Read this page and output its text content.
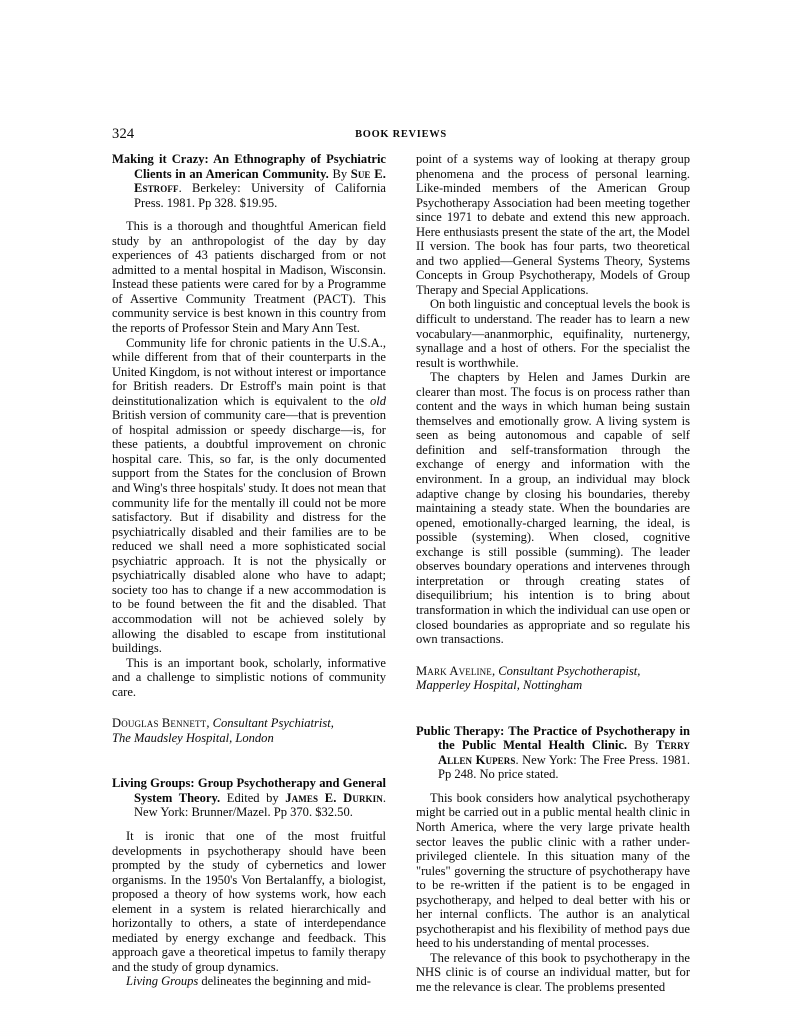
324	BOOK REVIEWS
Making it Crazy: An Ethnography of Psychiatric Clients in an American Community. By Sue E. Estroff. Berkeley: University of California Press. 1981. Pp 328. $19.95.

This is a thorough and thoughtful American field study by an anthropologist of the day by day experiences of 43 patients discharged from or not admitted to a mental hospital in Madison, Wisconsin. Instead these patients were cared for by a Programme of Assertive Community Treatment (PACT). This community service is best known in this country from the reports of Professor Stein and Mary Ann Test.

Community life for chronic patients in the U.S.A., while different from that of their counterparts in the United Kingdom, is not without interest or importance for British readers. Dr Estroff's main point is that deinstitutionalization which is equivalent to the old British version of community care—that is prevention of hospital admission or speedy discharge—is, for these patients, a doubtful improvement on chronic hospital care. This, so far, is the only documented support from the States for the conclusion of Brown and Wing's three hospitals' study. It does not mean that community life for the mentally ill could not be more satisfactory. But if disability and distress for the psychiatrically disabled and their families are to be reduced we shall need a more sophisticated social psychiatric approach. It is not the physically or psychiatrically disabled alone who have to adapt; society too has to change if a new accommodation is to be found between the fit and the disabled. That accommodation will not be achieved solely by allowing the disabled to escape from institutional buildings.

This is an important book, scholarly, informative and a challenge to simplistic notions of community care.

Douglas Bennett, Consultant Psychiatrist,
The Maudsley Hospital, London
Living Groups: Group Psychotherapy and General System Theory. Edited by James E. Durkin. New York: Brunner/Mazel. Pp 370. $32.50.

It is ironic that one of the most fruitful developments in psychotherapy should have been prompted by the study of cybernetics and lower organisms. In the 1950's Von Bertalanffy, a biologist, proposed a theory of how systems work, how each element in a system is related hierarchically and horizontally to others, a state of interdependance mediated by energy exchange and feedback. This approach gave a theoretical impetus to family therapy and the study of group dynamics.

Living Groups delineates the beginning and mid-

point of a systems way of looking at therapy group phenomena and the process of personal learning. Like-minded members of the American Group Psychotherapy Association had been meeting together since 1971 to debate and extend this new approach. Here enthusiasts present the state of the art, the Model II version. The book has four parts, two theoretical and two applied—General Systems Theory, Systems Concepts in Group Psychotherapy, Models of Group Therapy and Special Applications.

On both linguistic and conceptual levels the book is difficult to understand. The reader has to learn a new vocabulary—ananmorphic, equifinality, nurtenergy, synallage and a host of others. For the specialist the result is worthwhile.

The chapters by Helen and James Durkin are clearer than most. The focus is on process rather than content and the ways in which human being sustain themselves and emotionally grow. A living system is seen as being autonomous and capable of self definition and self-transformation through the exchange of energy and information with the environment. In a group, an individual may block adaptive change by closing his boundaries, thereby maintaining a steady state. When the boundaries are opened, emotionally-charged learning, the ideal, is possible (systeming). When closed, cognitive exchange is still possible (summing). The leader observes boundary operations and intervenes through interpretation or through creating states of disequilibrium; his intention is to bring about transformation in which the individual can use open or closed boundaries as appropriate and so regulate his own transactions.

Mark Aveline, Consultant Psychotherapist,
Mapperley Hospital, Nottingham
Public Therapy: The Practice of Psychotherapy in the Public Mental Health Clinic. By Terry Allen Kupers. New York: The Free Press. 1981. Pp 248. No price stated.

This book considers how analytical psychotherapy might be carried out in a public mental health clinic in North America, where the very large private health sector leaves the public clinic with a rather under-privileged clientele. In this situation many of the "rules" governing the structure of psychotherapy have to be re-written if the patient is to be engaged in psychotherapy, and helped to deal better with his or her internal conflicts. The author is an analytical psychotherapist and his flexibility of method pays due heed to his understanding of mental processes.

The relevance of this book to psychotherapy in the NHS clinic is of course an individual matter, but for me the relevance is clear. The problems presented
